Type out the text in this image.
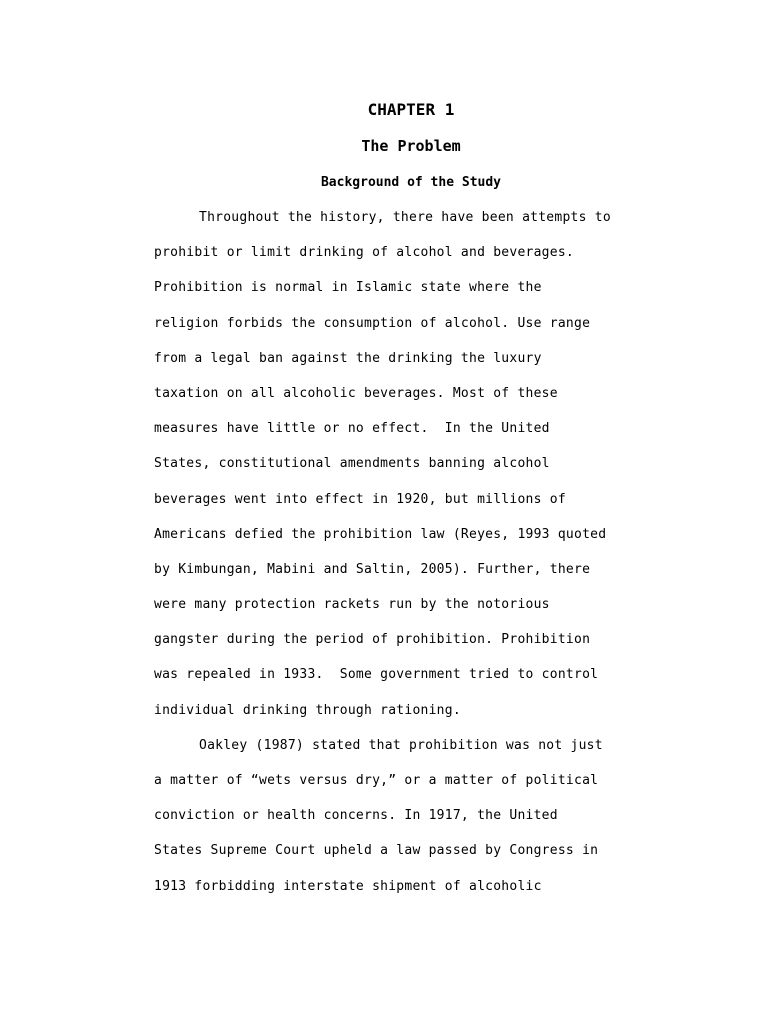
CHAPTER 1
The Problem
Background of the Study
Throughout the history, there have been attempts to
prohibit or limit drinking of alcohol and beverages.
Prohibition is normal in Islamic state where the
religion forbids the consumption of alcohol. Use range
from a legal ban against the drinking the luxury
taxation on all alcoholic beverages. Most of these
measures have little or no effect.  In the United
States, constitutional amendments banning alcohol
beverages went into effect in 1920, but millions of
Americans defied the prohibition law (Reyes, 1993 quoted
by Kimbungan, Mabini and Saltin, 2005). Further, there
were many protection rackets run by the notorious
gangster during the period of prohibition. Prohibition
was repealed in 1933.  Some government tried to control
individual drinking through rationing.
Oakley (1987) stated that prohibition was not just
a matter of “wets versus dry,” or a matter of political
conviction or health concerns. In 1917, the United
States Supreme Court upheld a law passed by Congress in
1913 forbidding interstate shipment of alcoholic
